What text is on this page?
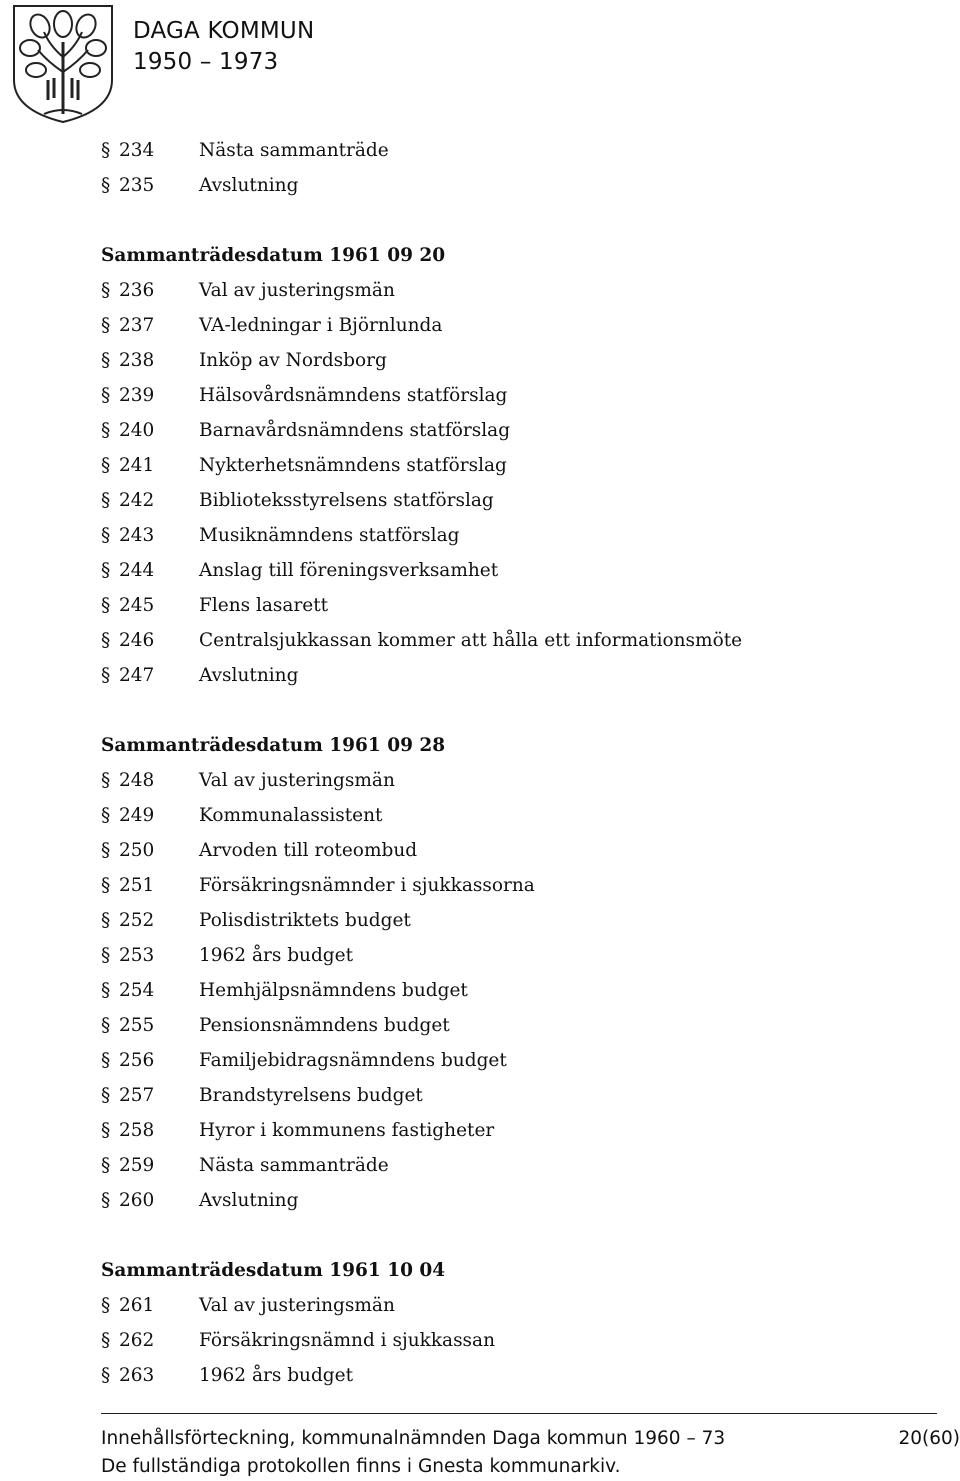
DAGA KOMMUN
1950 – 1973
§ 234 Nästa sammanträde
§ 235 Avslutning
Sammanträdesdatum 1961 09 20
§ 236 Val av justeringsmän
§ 237 VA-ledningar i Björnlunda
§ 238 Inköp av Nordsborg
§ 239 Hälsovårdsnämndens statförslag
§ 240 Barnavårdsnämndens statförslag
§ 241 Nykterhetsnämndens statförslag
§ 242 Biblioteksstyrelsens statförslag
§ 243 Musiknämndens statförslag
§ 244 Anslag till föreningsverksamhet
§ 245 Flens lasarett
§ 246 Centralsjukkassan kommer att hålla ett informationsmöte
§ 247 Avslutning
Sammanträdesdatum 1961 09 28
§ 248 Val av justeringsmän
§ 249 Kommunalassistent
§ 250 Arvoden till roteombud
§ 251 Försäkringsnämnder i sjukkassorna
§ 252 Polisdistriktets budget
§ 253 1962 års budget
§ 254 Hemhjälpsnämndens budget
§ 255 Pensionsnämndens budget
§ 256 Familjebidragsnämndens budget
§ 257 Brandstyrelsens budget
§ 258 Hyror i kommunens fastigheter
§ 259 Nästa sammanträde
§ 260 Avslutning
Sammanträdesdatum 1961 10 04
§ 261 Val av justeringsmän
§ 262 Försäkringsnämnd i sjukkassan
§ 263 1962 års budget
Innehållsförteckning, kommunalnämnden Daga kommun 1960 – 73
De fullständiga protokollen finns i Gnesta kommunarkiv.
20(60)
